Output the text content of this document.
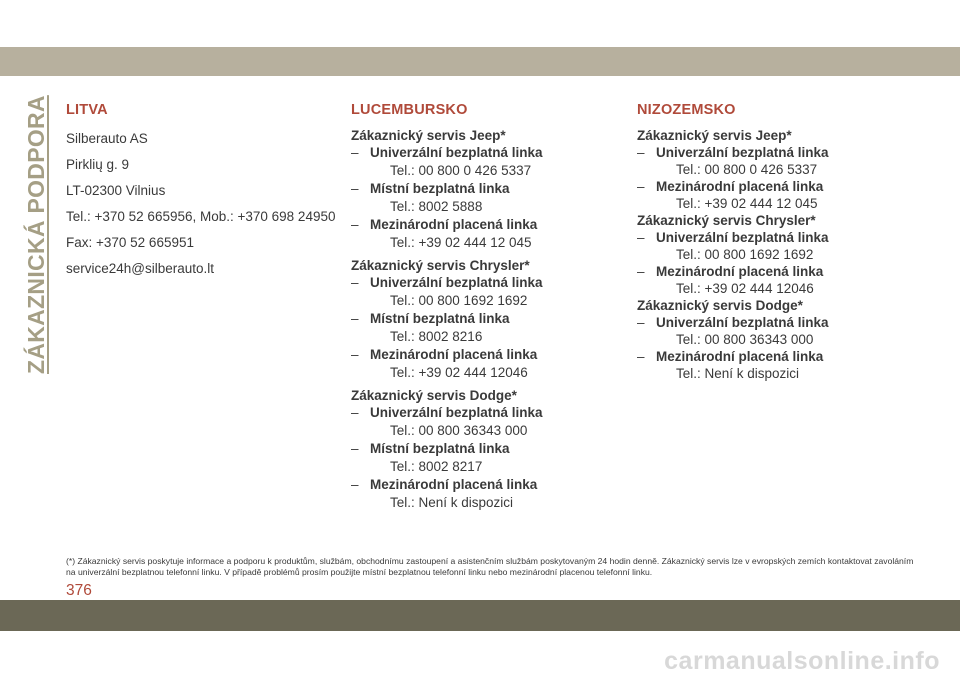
ZÁKAZNICKÁ PODPORA LITVA
Silberauto AS
Pirklių g. 9
LT-02300 Vilnius
Tel.: +370 52 665956, Mob.: +370 698 24950
Fax: +370 52 665951
service24h@silberauto.lt
LUCEMBURSKO
Zákaznický servis Jeep*
– Univerzální bezplatná linka
Tel.: 00 800 0 426 5337
– Místní bezplatná linka
Tel.: 8002 5888
– Mezinárodní placená linka
Tel.: +39 02 444 12 045
Zákaznický servis Chrysler*
– Univerzální bezplatná linka
Tel.: 00 800 1692 1692
– Místní bezplatná linka
Tel.: 8002 8216
– Mezinárodní placená linka
Tel.: +39 02 444 12046
Zákaznický servis Dodge*
– Univerzální bezplatná linka
Tel.: 00 800 36343 000
– Místní bezplatná linka
Tel.: 8002 8217
– Mezinárodní placená linka
Tel.: Není k dispozici
NIZOZEMSKO
Zákaznický servis Jeep*
– Univerzální bezplatná linka
Tel.: 00 800 0 426 5337
– Mezinárodní placená linka
Tel.: +39 02 444 12 045
Zákaznický servis Chrysler*
– Univerzální bezplatná linka
Tel.: 00 800 1692 1692
– Mezinárodní placená linka
Tel.: +39 02 444 12046
Zákaznický servis Dodge*
– Univerzální bezplatná linka
Tel.: 00 800 36343 000
– Mezinárodní placená linka
Tel.: Není k dispozici
(*) Zákaznický servis poskytuje informace a podporu k produktům, službám, obchodnímu zastoupení a asistenčním službám poskytovaným 24 hodin denně. Zákaznický servis lze v evropských zemích kontaktovat zavoláním na univerzální bezplatnou telefonní linku. V případě problémů prosím použijte místní bezplatnou telefonní linku nebo mezinárodní placenou telefonní linku.
376
carmanualsonline.info
